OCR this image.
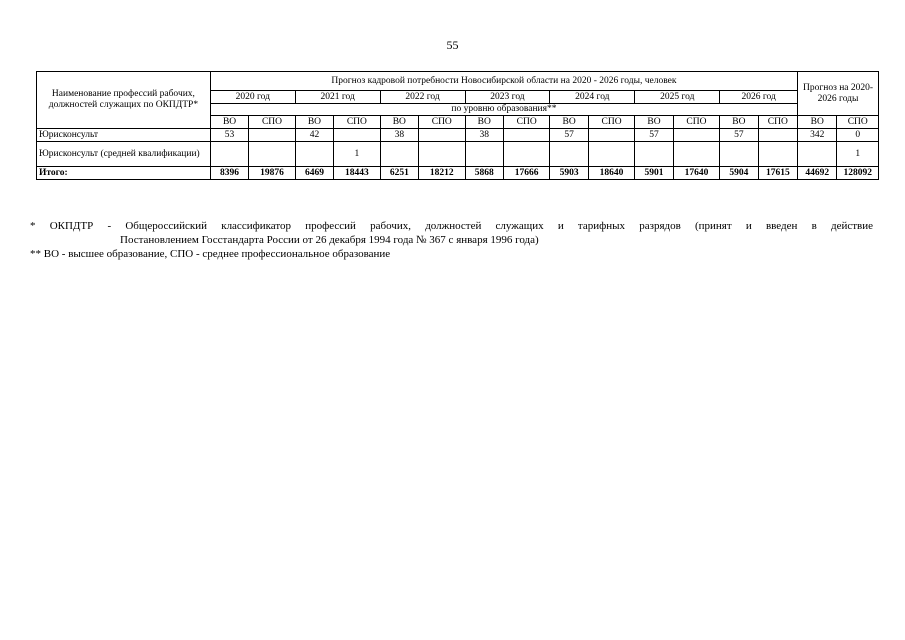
55
Наименование профессий рабочих, должностей служащих по ОКПДТР*	Прогноз кадровой потребности Новосибирской области на 2020 - 2026 годы, человек														Прогноз на 2020-2026 годы	
	2020 год		2021 год		2022 год		2023 год		2024 год		2025 год		2026 год			
	по уровню образования**															
	ВО	СПО	ВО	СПО	ВО	СПО	ВО	СПО	ВО	СПО	ВО	СПО	ВО	СПО	ВО	СПО
Юрисконсульт	53		42		38		38		57		57		57		342	0
Юрисконсульт (средней квалификации)				1												1
Итого:	8396	19876	6469	18443	6251	18212	5868	17666	5903	18640	5901	17640	5904	17615	44692	128092
* ОКПДТР - Общероссийский классификатор профессий рабочих, должностей служащих и тарифных разрядов (принят и введен в действие
Постановлением Госстандарта России от 26 декабря 1994 года № 367 с января 1996 года)
** ВО - высшее образование, СПО - среднее профессиональное образование
